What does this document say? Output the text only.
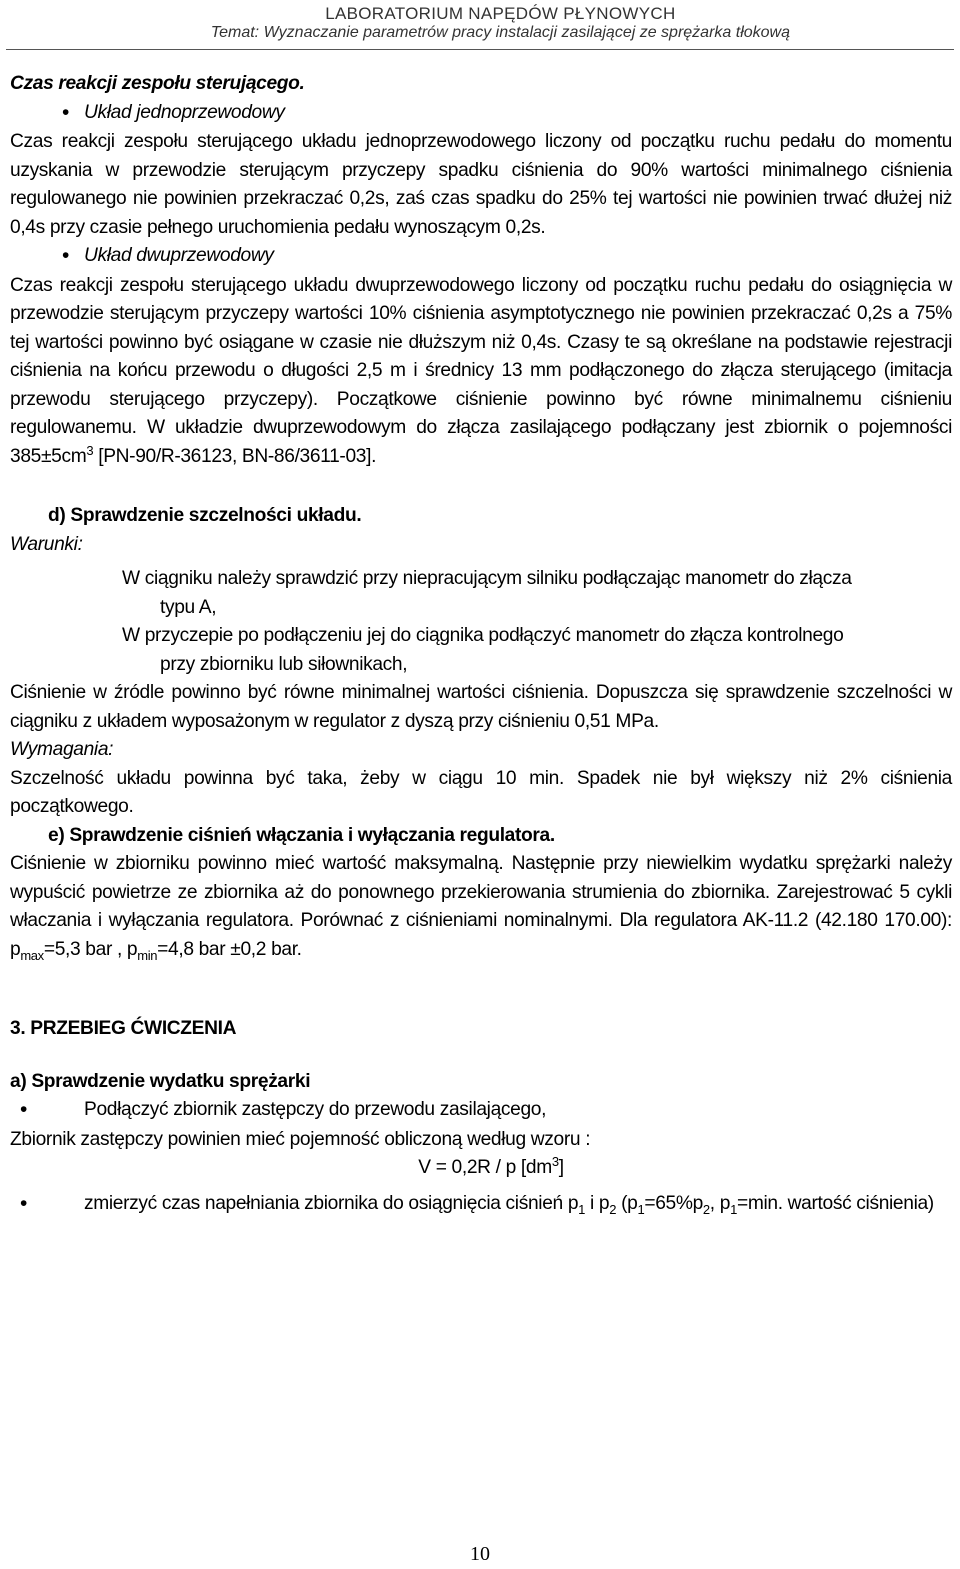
LABORATORIUM NAPĘDÓW PŁYNOWYCH
Temat: Wyznaczanie parametrów pracy instalacji zasilającej ze sprężarka tłokową

Czas reakcji zespołu sterującego.

•
Układ jednoprzewodowy

Czas reakcji zespołu sterującego układu jednoprzewodowego liczony od początku ruchu pedału do momentu uzyskania w przewodzie sterującym przyczepy spadku ciśnienia do 90% wartości minimalnego ciśnienia regulowanego nie powinien przekraczać 0,2s, zaś czas spadku do 25% tej wartości nie powinien trwać dłużej niż 0,4s przy czasie pełnego uruchomienia pedału wynoszącym 0,2s.

•
Układ dwuprzewodowy

Czas reakcji zespołu sterującego układu dwuprzewodowego liczony od początku ruchu pedału do osiągnięcia w przewodzie sterującym przyczepy wartości 10% ciśnienia asymptotycznego nie powinien przekraczać 0,2s a 75% tej wartości powinno być osiągane w czasie nie dłuższym niż 0,4s. Czasy te są określane na podstawie rejestracji ciśnienia na końcu przewodu o długości 2,5 m i średnicy 13 mm podłączonego do złącza sterującego (imitacja przewodu sterującego przyczepy). Początkowe ciśnienie powinno być równe minimalnemu ciśnieniu regulowanemu. W układzie dwuprzewodowym do złącza zasilającego podłączany jest zbiornik o pojemności $385\pm 5cm^3$ [PN-90/R-36123, BN-86/3611-03].

d) Sprawdzenie szczelności układu.

Warunki:

W ciągniku należy sprawdzić przy niepracującym silniku podłączając manometr do złącza

typu A,

W przyczepie po podłączeniu jej do ciągnika podłączyć manometr do złącza kontrolnego

przy zbiorniku lub siłownikach,

Ciśnienie w źródle powinno być równe minimalnej wartości ciśnienia. Dopuszcza się sprawdzenie szczelności w ciągniku z układem wyposażonym w regulator z dyszą przy ciśnieniu 0,51 MPa.

Wymagania:

Szczelność układu powinna być taka, żeby w ciągu 10 min. Spadek nie był większy niż 2% ciśnienia początkowego.

e) Sprawdzenie ciśnień włączania i wyłączania regulatora.

Ciśnienie w zbiorniku powinno mieć wartość maksymalną. Następnie przy niewielkim wydatku sprężarki należy wypuścić powietrze ze zbiornika aż do ponownego przekierowania strumienia do zbiornika. Zarejestrować 5 cykli właczania i wyłączania regulatora. Porównać z ciśnieniami nominalnymi. Dla regulatora AK-11.2 (42.180 170.00): $p_{max}=5,3$ bar , $p_{min}=4,8$ bar ±0,2 bar.

3. PRZEBIEG ĆWICZENIA

a) Sprawdzenie wydatku sprężarki

•
Podłączyć zbiornik zastępczy do przewodu zasilającego,

Zbiornik zastępczy powinien mieć pojemność obliczoną według wzoru :

V = 0,2R / p $[dm^3]$

•
zmierzyć czas napełniania zbiornika do osiągnięcia ciśnień $p_1$ i $p_2$ ($p_1=65\%p_2$, $p_1=\min$. wartość ciśnienia)
10
